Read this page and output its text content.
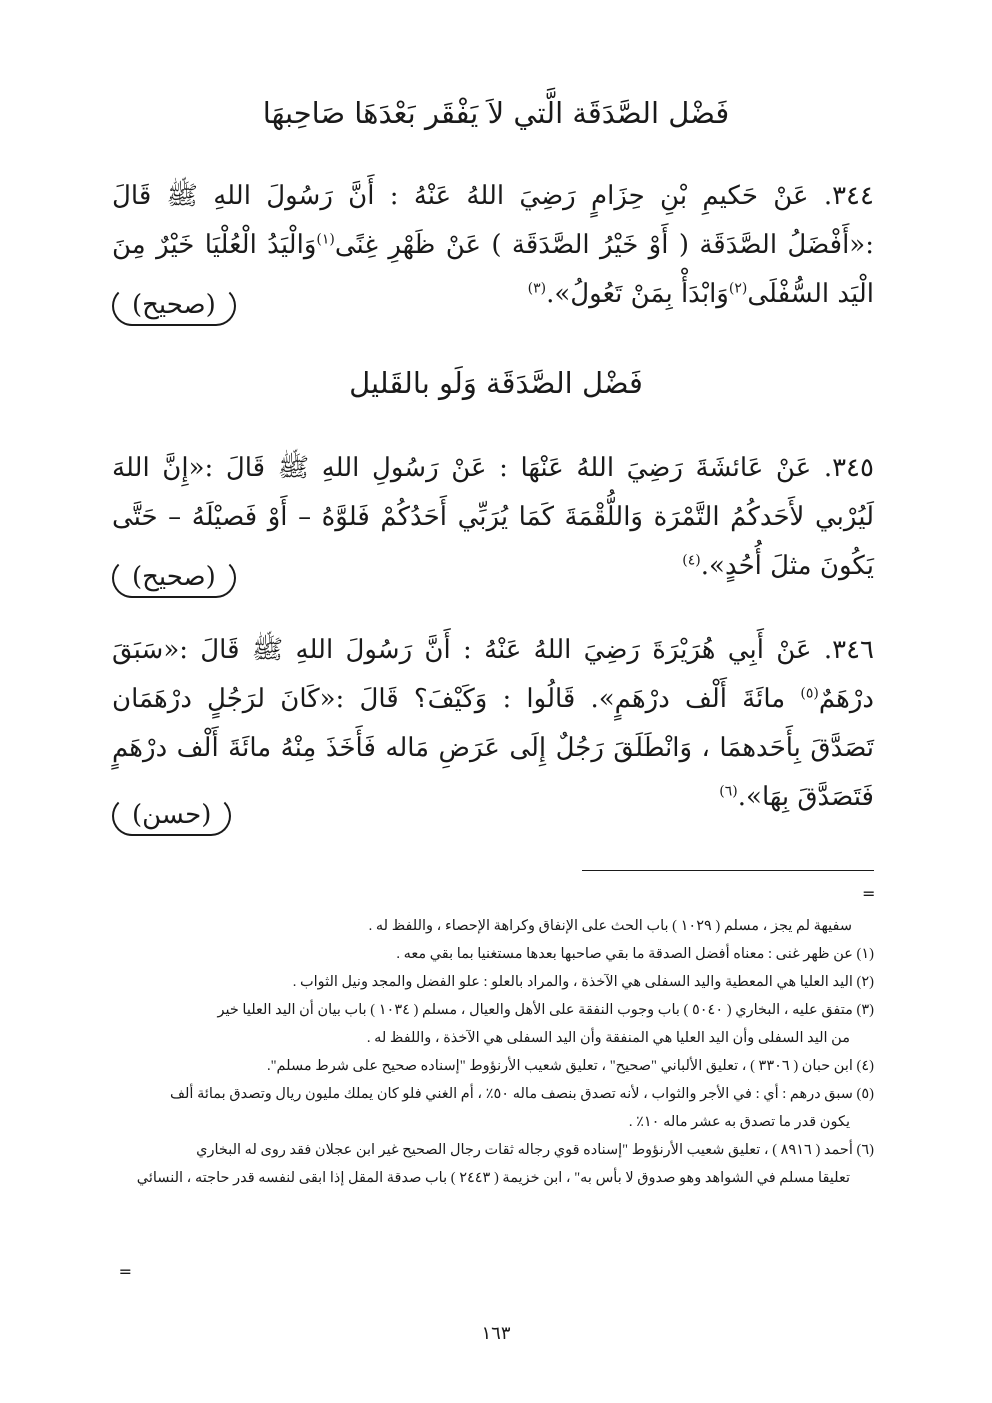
فَضْل الصَّدَقَة الَّتي لاَ يَفْقَر بَعْدَهَا صَاحِبهَا
٣٤٤. عَنْ حَكيمِ بْنِ حِزَامٍ رَضِيَ اللهُ عَنْهُ : أَنَّ رَسُولَ اللهِ ﷺ قَالَ :«أَفْضَلُ الصَّدَقَة ( أَوْ خَيْرُ الصَّدَقَة ) عَنْ ظَهْرِ غِنًى$^{(١)}$وَالْيَدُ الْعُلْيَا خَيْرٌ مِنَ الْيَد السُّفْلَى$^{(٢)}$وَابْدَأْ بِمَنْ تَعُولُ».$^{(٣)}$
(صحيح)
فَضْل الصَّدَقَة وَلَو بالقَليل
٣٤٥. عَنْ عَائشَةَ رَضِيَ اللهُ عَنْهَا : عَنْ رَسُولِ اللهِ ﷺ قَالَ :«إِنَّ اللهَ لَيُرْبي لأَحَدكُمُ التَّمْرَة وَاللُّقْمَةَ كَمَا يُرَبِّي أَحَدُكُمْ فَلوَّهُ – أَوْ فَصيْلَهُ – حَتَّى يَكُونَ مثلَ أُحُدٍ».$^{(٤)}$
(صحيح)
٣٤٦. عَنْ أَبِي هُرَيْرَةَ رَضِيَ اللهُ عَنْهُ : أَنَّ رَسُولَ اللهِ ﷺ قَالَ :«سَبَقَ درْهَمٌ$^{(٥)}$ مائَةَ أَلْف درْهَمٍ». قَالُوا : وَكَيْفَ؟ قَالَ :«كَانَ لرَجُلٍ درْهَمَان تَصَدَّقَ بِأَحَدهمَا ، وَانْطَلَقَ رَجُلٌ إِلَى عَرَضِ مَاله فَأَخَذَ مِنْهُ مائَةَ أَلْف درْهَمٍ فَتَصَدَّقَ بِهَا».$^{(٦)}$
(حسن)
=

سفيهة لم يجز ، مسلم ( ١٠٢٩ ) باب الحث على الإنفاق وكراهة الإحصاء ، واللفظ له .

(١) عن ظهر غنى : معناه أفضل الصدقة ما بقي صاحبها بعدها مستغنيا بما بقي معه .

(٢) اليد العليا هي المعطية واليد السفلى هي الآخذة ، والمراد بالعلو : علو الفضل والمجد ونيل الثواب .

(٣) متفق عليه ، البخاري ( ٥٠٤٠ ) باب وجوب النفقة على الأهل والعيال ، مسلم ( ١٠٣٤ ) باب بيان أن اليد العليا خير

من اليد السفلى وأن اليد العليا هي المنفقة وأن اليد السفلى هي الآخذة ، واللفظ له .

(٤) ابن حبان ( ٣٣٠٦ ) ، تعليق الألباني "صحيح" ، تعليق شعيب الأرنؤوط "إسناده صحيح على شرط مسلم".

(٥) سبق درهم : أي : في الأجر والثواب ، لأنه تصدق بنصف ماله ٥٠٪ ، أم الغني فلو كان يملك مليون ريال وتصدق بمائة ألف

يكون قدر ما تصدق به عشر ماله ١٠٪ .

(٦) أحمد ( ٨٩١٦ ) ، تعليق شعيب الأرنؤوط "إسناده قوي رجاله ثقات رجال الصحيح غير ابن عجلان فقد روى له البخاري

تعليقا مسلم في الشواهد وهو صدوق لا بأس به" ، ابن خزيمة ( ٢٤٤٣ ) باب صدقة المقل إذا ابقى لنفسه قدر حاجته ، النسائي

=
١٦٣
